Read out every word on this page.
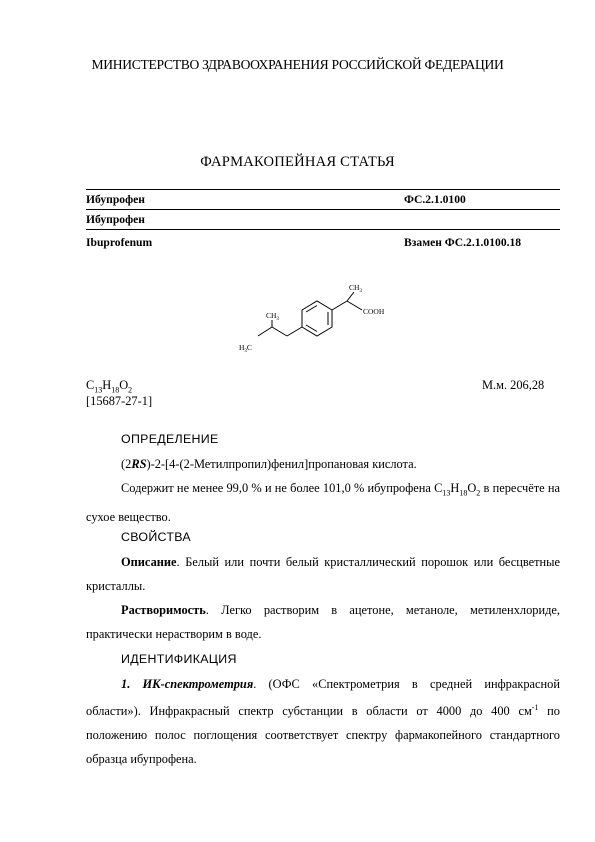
МИНИСТЕРСТВО ЗДРАВООХРАНЕНИЯ РОССИЙСКОЙ ФЕДЕРАЦИИ
ФАРМАКОПЕЙНАЯ СТАТЬЯ
Ибупрофен	ФС.2.1.0100
Ибупрофен
Ibuprofenum	Взамен ФС.2.1.0100.18
$CH_3$
COOH
$CH_3$
$H_3C$
$C_{13}H_{18}O_2$	М.м. 206,28
[15687-27-1]
ОПРЕДЕЛЕНИЕ

(2RS)-2-[4-(2-Метилпропил)фенил]пропановая кислота.

Содержит не менее 99,0 % и не более 101,0 % ибупрофена $C_{13}H_{18}O_2$ в пересчёте на сухое вещество.

СВОЙСТВА

Описание. Белый или почти белый кристаллический порошок или бесцветные кристаллы.

Растворимость. Легко растворим в ацетоне, метаноле, метиленхлориде, практически нерастворим в воде.

ИДЕНТИФИКАЦИЯ

1. ИК-спектрометрия. (ОФС «Спектрометрия в средней инфракрасной области»). Инфракрасный спектр субстанции в области от 4000 до 400 $см^{-1}$ по положению полос поглощения соответствует спектру фармакопейного стандартного образца ибупрофена.
